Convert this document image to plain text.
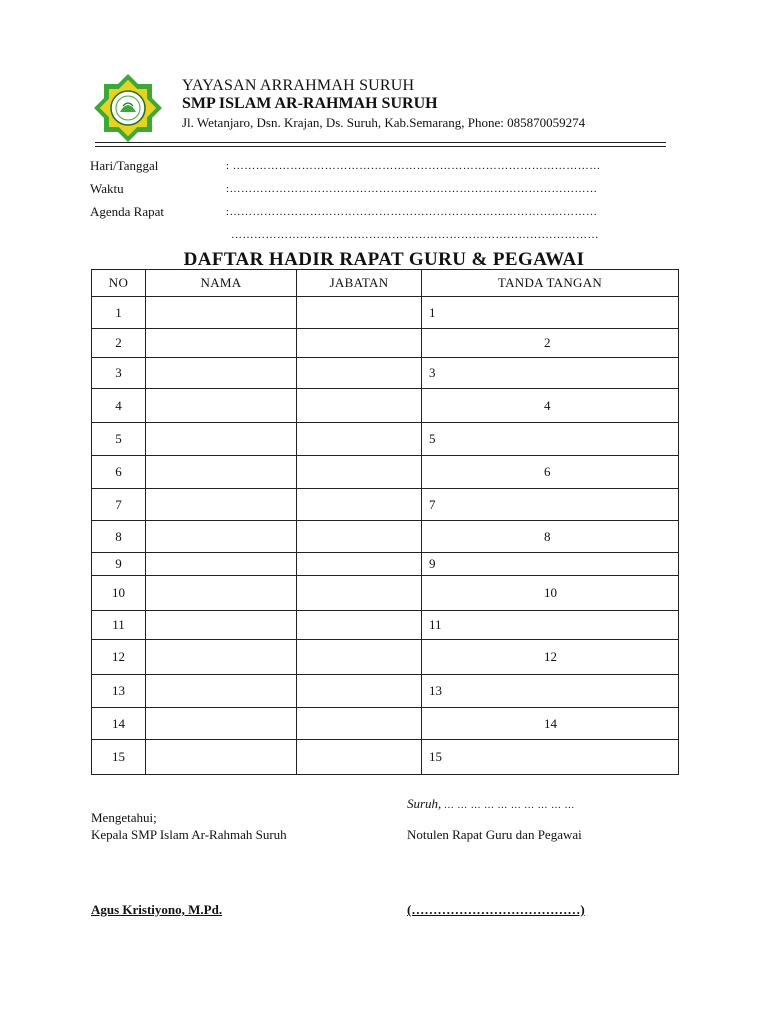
YAYASAN ARRAHMAH SURUH
SMP ISLAM AR-RAHMAH SURUH
Jl. Wetanjaro, Dsn. Krajan, Ds. Suruh, Kab.Semarang, Phone: 085870059274
Hari/Tanggal	: ……………………………………………………………………………………
Waktu	:……………………………………………………………………………………
Agenda Rapat	:……………………………………………………………………………………
……………………………………………………………………………………
DAFTAR HADIR RAPAT GURU & PEGAWAI
NO	NAMA	JABATAN	TANDA TANGAN
1			1

2			2

3			3

4			4

5			5

6			6

7			7

8			8

9			9

10			10

11			11

12			12

13			13

14			14

15			15
Suruh, … … … … … … … … … …
Mengetahui;
Kepala SMP Islam Ar-Rahmah Suruh	Notulen Rapat Guru dan Pegawai
Agus Kristiyono, M.Pd.	(…………………………………)
